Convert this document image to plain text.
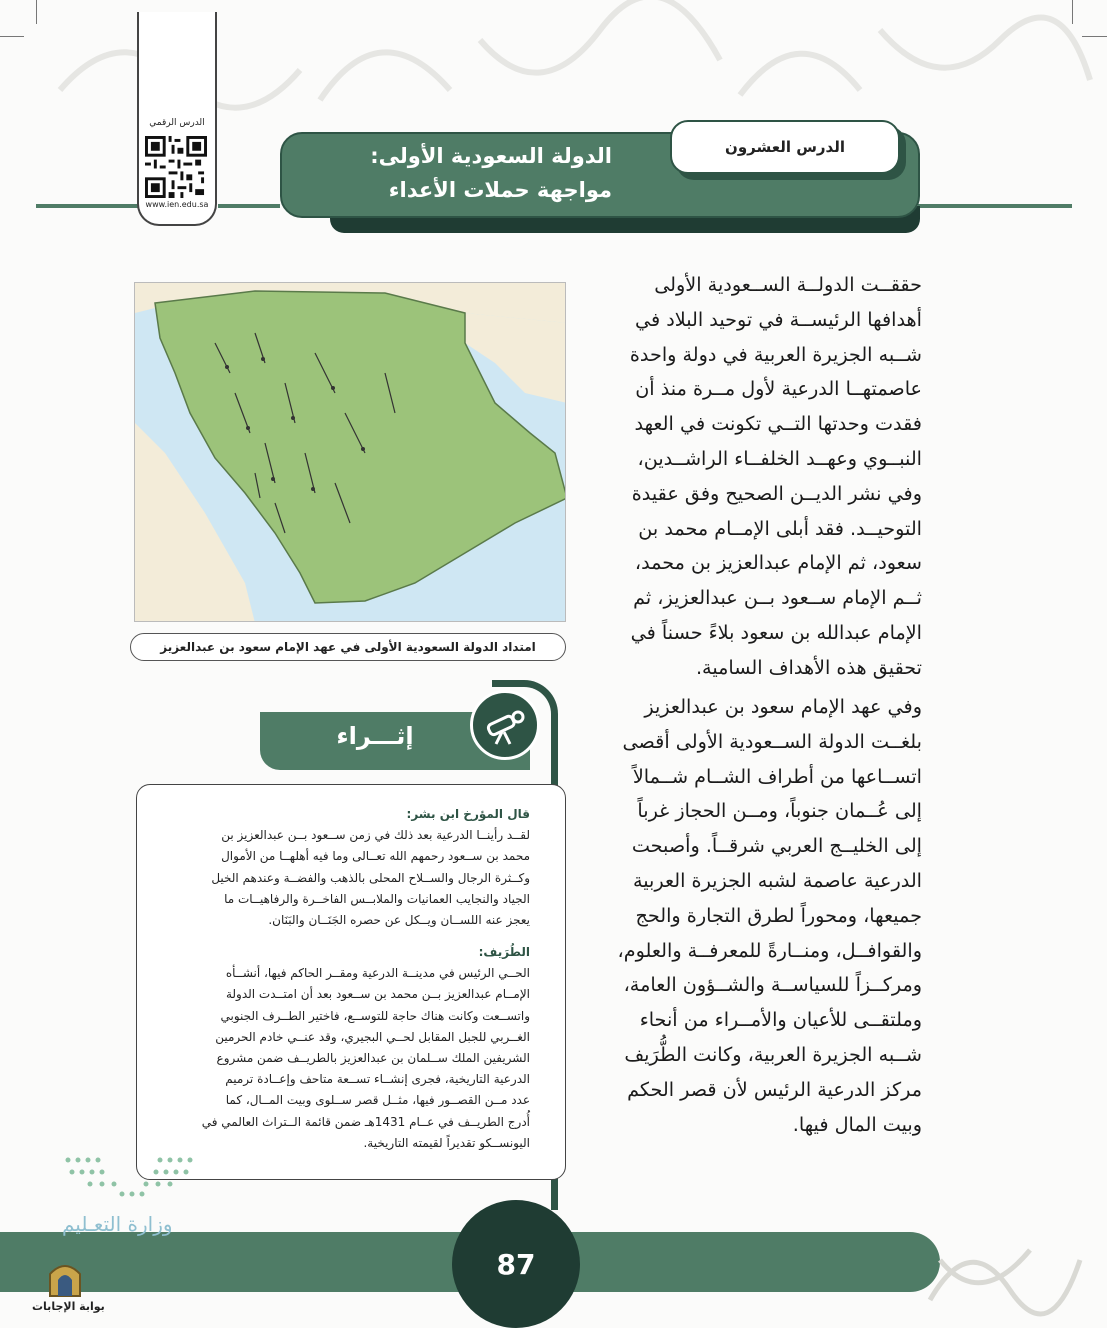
الدرس الرقمي
www.ien.edu.sa
الدولة السعودية الأولى:
مواجهة حملات الأعداء
الدرس العشرون
امتداد الدولة السعودية الأولى في عهد الإمام سعود بن عبدالعزيز
حققــت الدولــة الســعودية الأولى
أهدافها الرئيســة في توحيد البلاد في
شــبه الجزيرة العربية في دولة واحدة
عاصمتهــا الدرعية لأول مــرة منذ أن
فقدت وحدتها التــي تكونت في العهد
النبــوي وعهــد الخلفــاء الراشــدين،
وفي نشر الديــن الصحيح وفق عقيدة
التوحيــد. فقد أبلى الإمــام محمد بن
سعود، ثم الإمام عبدالعزيز بن محمد،
ثــم الإمام ســعود بــن عبدالعزيز، ثم
الإمام عبدالله بن سعود بلاءً حسناً في
تحقيق هذه الأهداف السامية.
وفي عهد الإمام سعود بن عبدالعزيز
بلغــت الدولة الســعودية الأولى أقصى
اتســاعها من أطراف الشــام شــمالاً
إلى عُــمان جنوباً، ومــن الحجاز غرباً
إلى الخليــج العربي شرقــاً. وأصبحت
الدرعية عاصمة لشبه الجزيرة العربية
جميعها، ومحوراً لطرق التجارة والحج
والقوافــل، ومنــارةً للمعرفــة والعلوم،
ومركــزاً للسياســة والشــؤون العامة،
وملتقــى للأعيان والأمــراء من أنحاء
شــبه الجزيرة العربية، وكانت الطُّرَيف
مركز الدرعية الرئيس لأن قصر الحكم
وبيت المال فيها.
إثـــراء
قال المؤرخ ابن بشر:
لقــد رأينــا الدرعية بعد ذلك في زمن ســعود بــن عبدالعزيز بن
محمد بن ســعود رحمهم الله تعــالى وما فيه أهلهــا من الأموال
وكــثرة الرجال والســلاح المحلى بالذهب والفضــة وعندهم الخيل
الجياد والنجايب العمانيات والملابــس الفاخــرة والرفاهيــات ما
يعجز عنه اللســان ويــكل عن حصره الجَنَــان والبَنَان.
الطُرَيف:
الحــي الرئيس في مدينــة الدرعية ومقــر الحاكم فيها، أنشــأه
الإمــام عبدالعزيز بــن محمد بن ســعود بعد أن امتــدت الدولة
واتســعت وكانت هناك حاجة للتوســع، فاختير الطــرف الجنوبي
الغــربي للجبل المقابل لحــي البجيري، وقد عنــي خادم الحرمين
الشريفين الملك ســلمان بن عبدالعزيز بالطريــف ضمن مشروع
الدرعية التاريخية، فجرى إنشــاء تســعة متاحف وإعــادة ترميم
عدد مــن القصــور فيها، مثــل قصر ســلوى وبيت المــال، كما
أُدرج الطريــف في عــام 1431هـ ضمن قائمة الــتراث العالمي في
اليونســكو تقديراً لقيمته التاريخية.
87
وزارة التعـليم
بوابة الإجابات
